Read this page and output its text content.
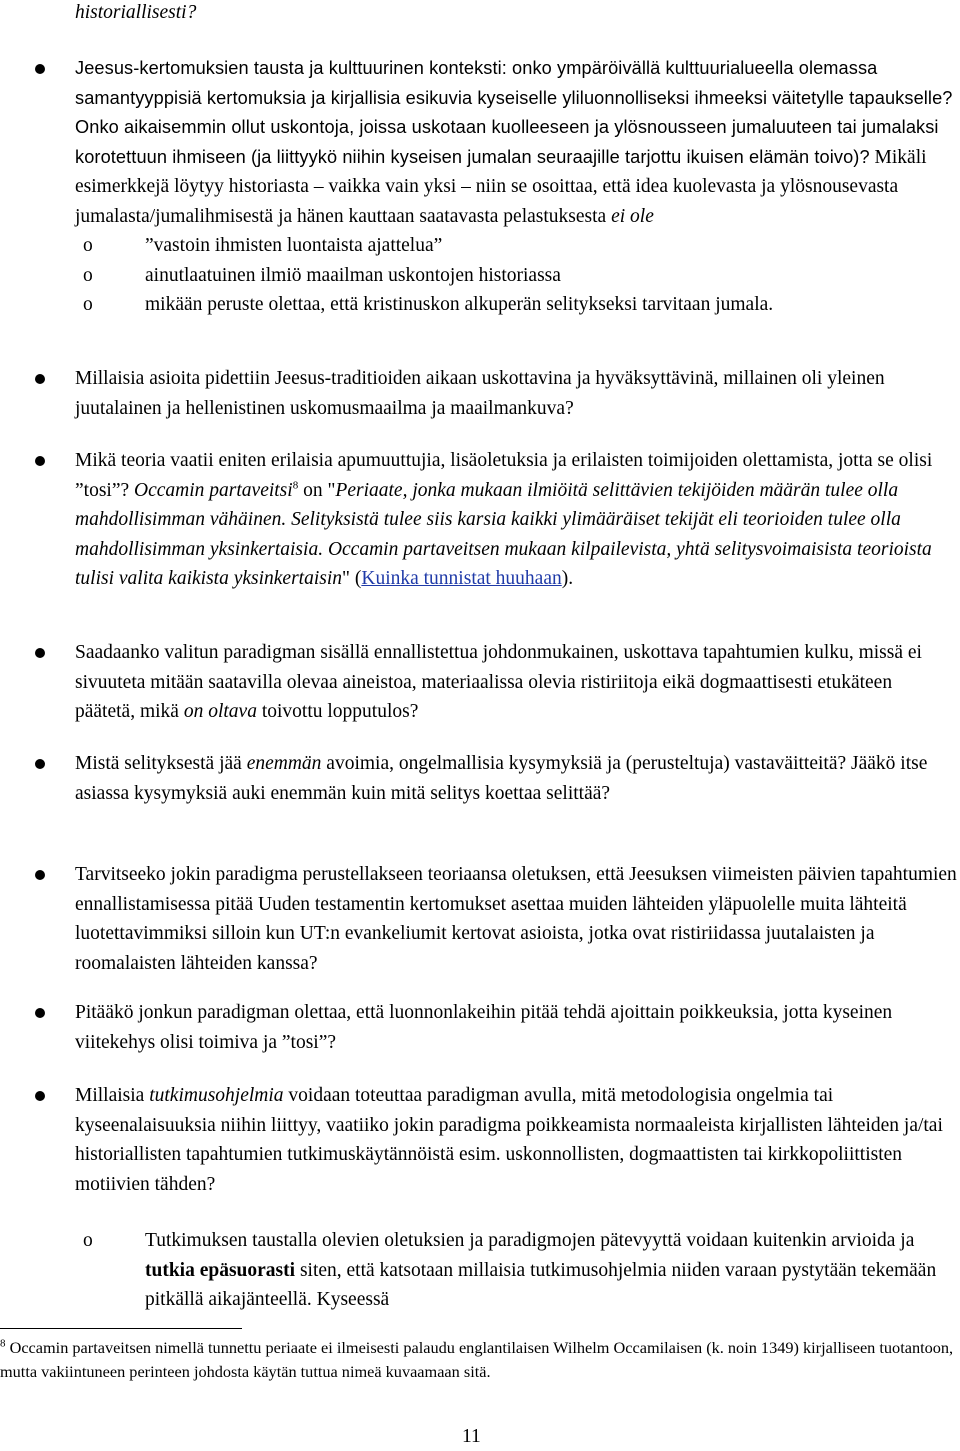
historiallisesti?

Jeesus-kertomuksien tausta ja kulttuurinen konteksti: onko ympäröivällä kulttuurialueella olemassa samantyyppisiä kertomuksia ja kirjallisia esikuvia kyseiselle yliluonnolliseksi ihmeeksi väitetylle tapaukselle? Onko aikaisemmin ollut uskontoja, joissa uskotaan kuolleeseen ja ylösnousseen jumaluuteen tai jumalaksi korotettuun ihmiseen (ja liittyykö niihin kyseisen jumalan seuraajille tarjottu ikuisen elämän toivo)? Mikäli esimerkkejä löytyy historiasta – vaikka vain yksi – niin se osoittaa, että idea kuolevasta ja ylösnousevasta jumalasta/jumalihmisestä ja hänen kauttaan saatavasta pelastuksesta ei ole

o	”vastoin ihmisten luontaista ajattelua”
o	ainutlaatuinen ilmiö maailman uskontojen historiassa
o	mikään peruste olettaa, että kristinuskon alkuperän selitykseksi tarvitaan jumala.

Millaisia asioita pidettiin Jeesus-traditioiden aikaan uskottavina ja hyväksyttävinä, millainen oli yleinen juutalainen ja hellenistinen uskomusmaailma ja maailmankuva?

Mikä teoria vaatii eniten erilaisia apumuuttujia, lisäoletuksia ja erilaisten toimijoiden olettamista, jotta se olisi ”tosi”? Occamin partaveitsi$^8$ on "Periaate, jonka mukaan ilmiöitä selittävien tekijöiden määrän tulee olla mahdollisimman vähäinen. Selityksistä tulee siis karsia kaikki ylimääräiset tekijät eli teorioiden tulee olla mahdollisimman yksinkertaisia. Occamin partaveitsen mukaan kilpailevista, yhtä selitysvoimaisista teorioista tulisi valita kaikista yksinkertaisin" (Kuinka tunnistat huuhaan).

Saadaanko valitun paradigman sisällä ennallistettua johdonmukainen, uskottava tapahtumien kulku, missä ei sivuuteta mitään saatavilla olevaa aineistoa, materiaalissa olevia ristiriitoja eikä dogmaattisesti etukäteen päätetä, mikä on oltava toivottu lopputulos?

Mistä selityksestä jää enemmän avoimia, ongelmallisia kysymyksiä ja (perusteltuja) vastaväitteitä? Jääkö itse asiassa kysymyksiä auki enemmän kuin mitä selitys koettaa selittää?

Tarvitseeko jokin paradigma perustellakseen teoriaansa oletuksen, että Jeesuksen viimeisten päivien tapahtumien ennallistamisessa pitää Uuden testamentin kertomukset asettaa muiden lähteiden yläpuolelle muita lähteitä luotettavimmiksi silloin kun UT:n evankeliumit kertovat asioista, jotka ovat ristiriidassa juutalaisten ja roomalaisten lähteiden kanssa?

Pitääkö jonkun paradigman olettaa, että luonnonlakeihin pitää tehdä ajoittain poikkeuksia, jotta kyseinen viitekehys olisi toimiva ja ”tosi”?

Millaisia tutkimusohjelmia voidaan toteuttaa paradigman avulla, mitä metodologisia ongelmia tai kyseenalaisuuksia niihin liittyy, vaatiiko jokin paradigma poikkeamista normaaleista kirjallisten lähteiden ja/tai historiallisten tapahtumien tutkimuskäytännöistä esim. uskonnollisten, dogmaattisten tai kirkkopoliittisten motiivien tähden?

o	Tutkimuksen taustalla olevien oletuksien ja paradigmojen pätevyyttä voidaan kuitenkin arvioida ja tutkia epäsuorasti siten, että katsotaan millaisia tutkimusohjelmia niiden varaan pystytään tekemään pitkällä aikajänteellä. Kyseessä
$^8$ Occamin partaveitsen nimellä tunnettu periaate ei ilmeisesti palaudu englantilaisen Wilhelm Occamilaisen (k. noin 1349) kirjalliseen tuotantoon, mutta vakiintuneen perinteen johdosta käytän tuttua nimeä kuvaamaan sitä.
11
